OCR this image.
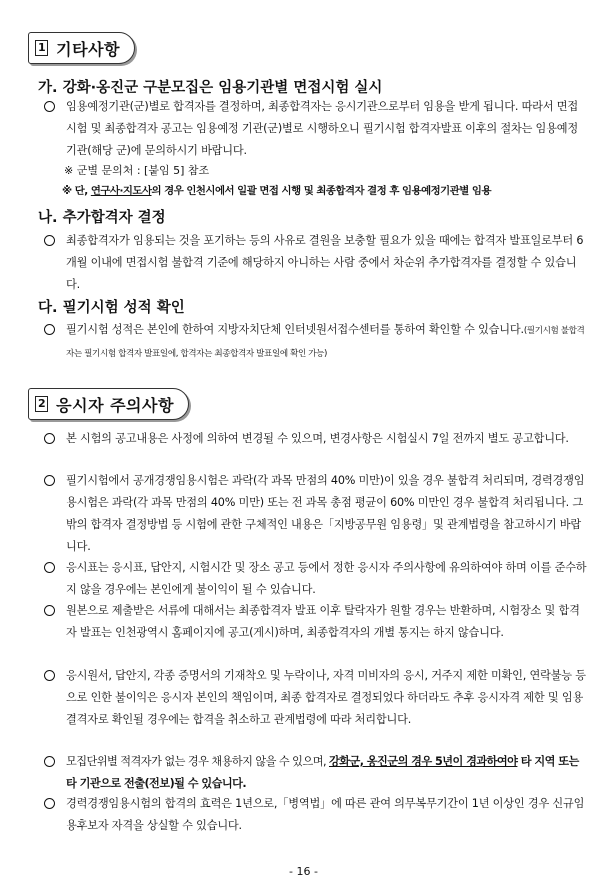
1 기타사항
가. 강화·옹진군 구분모집은 임용기관별 면접시험 실시
임용예정기관(군)별로 합격자를 결정하며, 최종합격자는 응시기관으로부터 임용을 받게 됩니다. 따라서 면접시험 및 최종합격자 공고는 임용예정 기관(군)별로 시행하오니 필기시험 합격자발표 이후의 절차는 임용예정 기관(해당 군)에 문의하시기 바랍니다.
※ 군별 문의처 : [붙임 5] 참조
※ 단, 연구사·지도사의 경우 인천시에서 일괄 면접 시행 및 최종합격자 결정 후 임용예정기관별 임용
나. 추가합격자 결정
최종합격자가 임용되는 것을 포기하는 등의 사유로 결원을 보충할 필요가 있을 때에는 합격자 발표일로부터 6개월 이내에 면접시험 불합격 기준에 해당하지 아니하는 사람 중에서 차순위 추가합격자를 결정할 수 있습니다.
다. 필기시험 성적 확인
필기시험 성적은 본인에 한하여 지방자치단체 인터넷원서접수센터를 통하여 확인할 수 있습니다.(필기시험 불합격자는 필기시험 합격자 발표일에, 합격자는 최종합격자 발표일에 확인 가능)
2 응시자 주의사항
본 시험의 공고내용은 사정에 의하여 변경될 수 있으며, 변경사항은 시험실시 7일 전까지 별도 공고합니다.
필기시험에서 공개경쟁임용시험은 과락(각 과목 만점의 40% 미만)이 있을 경우 불합격 처리되며, 경력경쟁임용시험은 과락(각 과목 만점의 40% 미만) 또는 전 과목 총점 평균이 60% 미만인 경우 불합격 처리됩니다. 그 밖의 합격자 결정방법 등 시험에 관한 구체적인 내용은「지방공무원 임용령」및 관계법령을 참고하시기 바랍니다.
응시표는 응시표, 답안지, 시험시간 및 장소 공고 등에서 정한 응시자 주의사항에 유의하여야 하며 이를 준수하지 않을 경우에는 본인에게 불이익이 될 수 있습니다.
원본으로 제출받은 서류에 대해서는 최종합격자 발표 이후 탈락자가 원할 경우는 반환하며, 시험장소 및 합격자 발표는 인천광역시 홈페이지에 공고(게시)하며, 최종합격자의 개별 통지는 하지 않습니다.
응시원서, 답안지, 각종 증명서의 기재착오 및 누락이나, 자격 미비자의 응시, 거주지 제한 미확인, 연락불능 등으로 인한 불이익은 응시자 본인의 책임이며, 최종 합격자로 결정되었다 하더라도 추후 응시자격 제한 및 임용결격자로 확인될 경우에는 합격을 취소하고 관계법령에 따라 처리합니다.
모집단위별 적격자가 없는 경우 채용하지 않을 수 있으며, 강화군, 옹진군의 경우 5년이 경과하여야 타 지역 또는 타 기관으로 전출(전보)될 수 있습니다.
경력경쟁임용시험의 합격의 효력은 1년으로,「병역법」에 따른 관여 의무복무기간이 1년 이상인 경우 신규임용후보자 자격을 상실할 수 있습니다.
- 16 -
